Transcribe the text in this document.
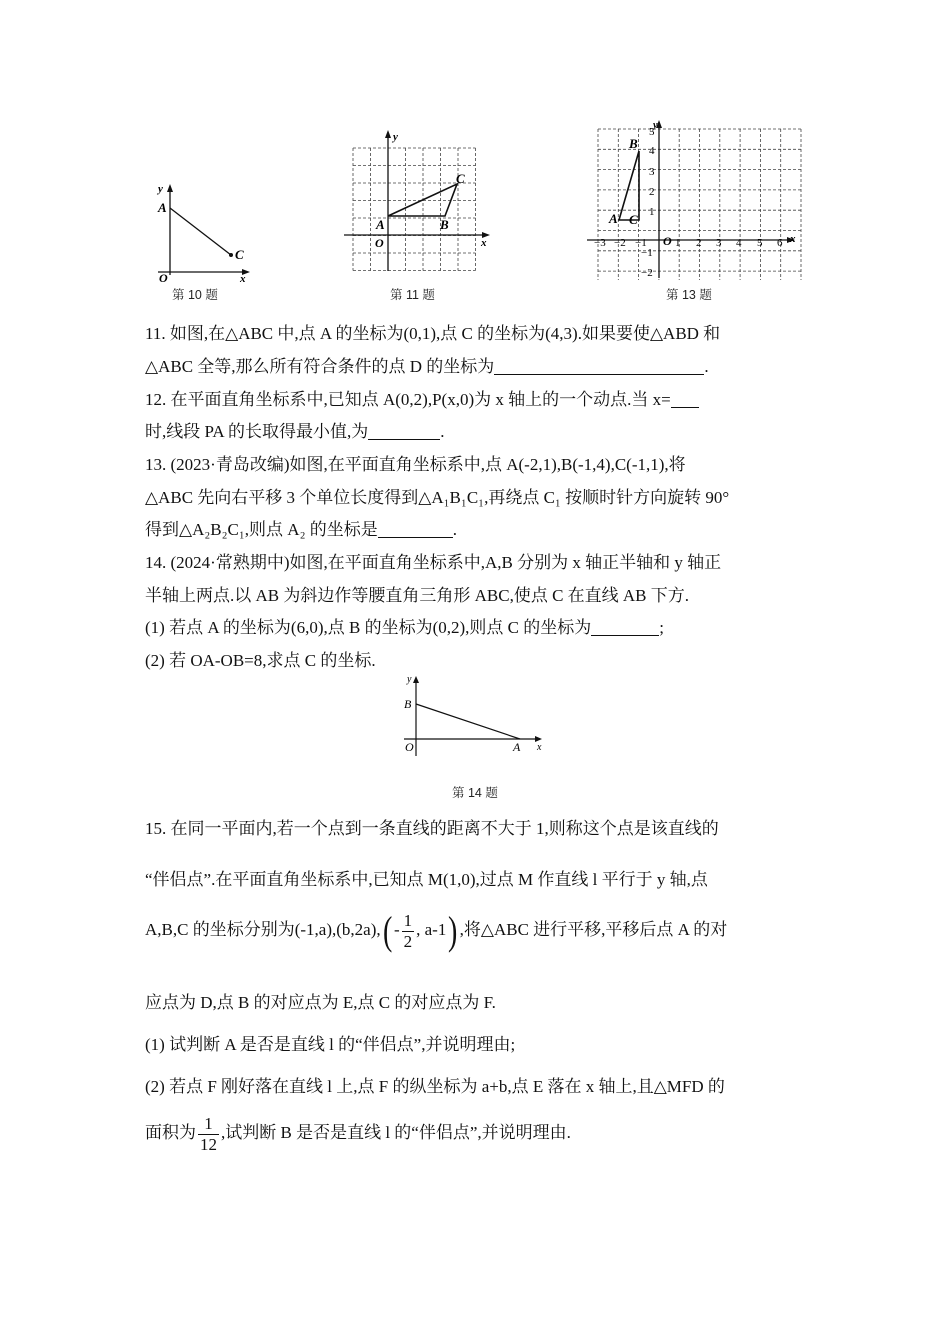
y
A
C
O	x
第 10 题
y
A	B
C
O	x
第 11 题
−3 −2 −1	1 2 3 4 5 6
5
4
3
2
1
−1
−2
y
A
B
C
O	x
第 13 题
11. 如图,在△ABC 中,点 A 的坐标为(0,1),点 C 的坐标为(4,3).如果要使△ABD 和
△ABC 全等,那么所有符合条件的点 D 的坐标为	.
12. 在平面直角坐标系中,已知点 A(0,2),P(x,0)为 x 轴上的一个动点.当 x=
时,线段 PA 的长取得最小值,为	.
13. (2023·青岛改编)如图,在平面直角坐标系中,点 A(-2,1),B(-1,4),C(-1,1),将
△ABC 先向右平移 3 个单位长度得到△A₁B₁C₁,再绕点 C₁ 按顺时针方向旋转 90°
得到△A₂B₂C₁,则点 A₂ 的坐标是	.
14. (2024·常熟期中)如图,在平面直角坐标系中,A,B 分别为 x 轴正半轴和 y 轴正
半轴上两点.以 AB 为斜边作等腰直角三角形 ABC,使点 C 在直线 AB 下方.
(1) 若点 A 的坐标为(6,0),点 B 的坐标为(0,2),则点 C 的坐标为	;
(2) 若 OA-OB=8,求点 C 的坐标.
y
B
O	A x
第 14 题
15. 在同一平面内,若一个点到一条直线的距离不大于 1,则称这个点是该直线的
“伴侣点”.在平面直角坐标系中,已知点 M(1,0),过点 M 作直线 l 平行于 y 轴,点
A,B,C 的坐标分别为$(-1,a),(b,2a),( - \frac{1}{2}$ , a-1) ,将△ABC 进行平移,平移后点 A 的对
应点为 D,点 B 的对应点为 E,点 C 的对应点为 F.
(1) 试判断 A 是否是直线 l 的“伴侣点”,并说明理由;
(2) 若点 F 刚好落在直线 l 上,点 F 的纵坐标为 a+b,点 E 落在 x 轴上,且△MFD 的
面积为 $\frac{1}{12}$ ,试判断 B 是否是直线 l 的“伴侣点”,并说明理由.
